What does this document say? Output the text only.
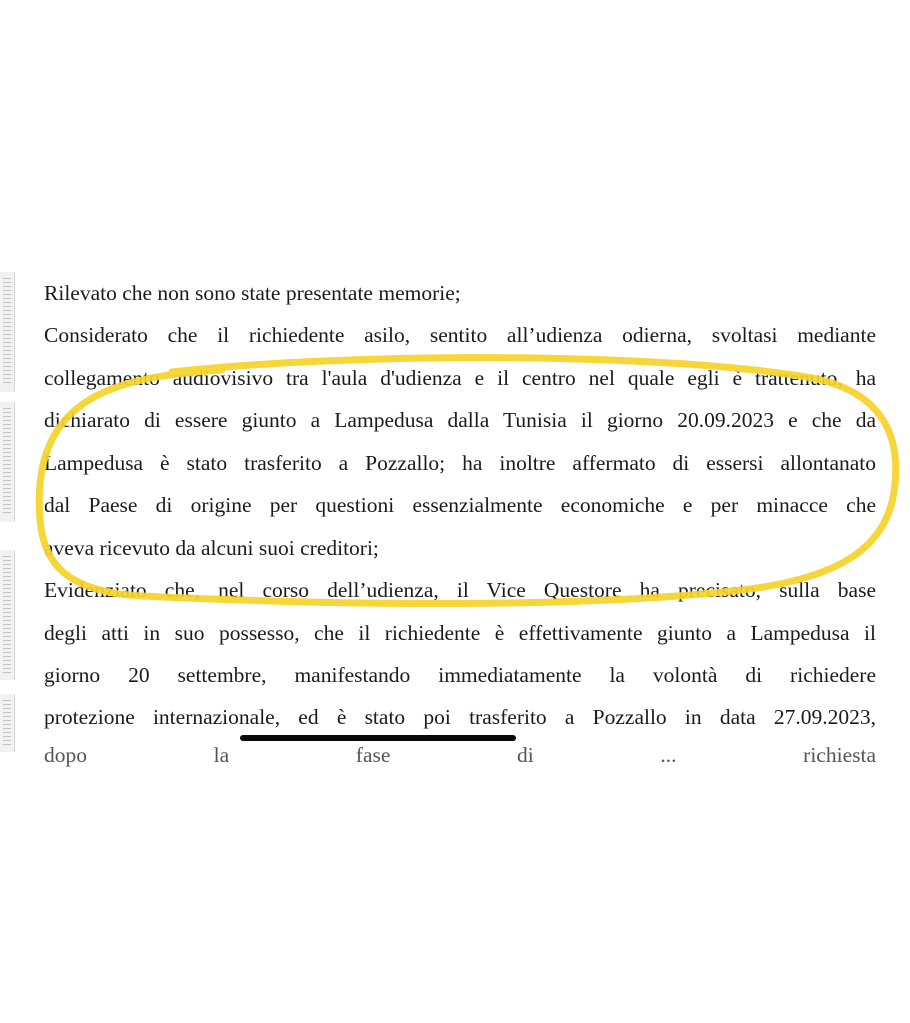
Rilevato che non sono state presentate memorie;
Considerato che il richiedente asilo, sentito all’udienza odierna, svoltasi mediante
collegamento audiovisivo tra l'aula d'udienza e il centro nel quale egli è trattenuto, ha
dichiarato di essere giunto a Lampedusa dalla Tunisia il giorno 20.09.2023 e che da
Lampedusa è stato trasferito a Pozzallo; ha inoltre affermato di essersi allontanato
dal Paese di origine per questioni essenzialmente economiche e per minacce che
aveva ricevuto da alcuni suoi creditori;
Evidenziato che, nel corso dell’udienza, il Vice Questore ha precisato, sulla base
degli atti in suo possesso, che il richiedente è effettivamente giunto a Lampedusa il
giorno 20 settembre, manifestando immediatamente la volontà di richiedere
protezione internazionale, ed è stato poi trasferito a Pozzallo in data 27.09.2023,
dopo la fase di ... richiesta
